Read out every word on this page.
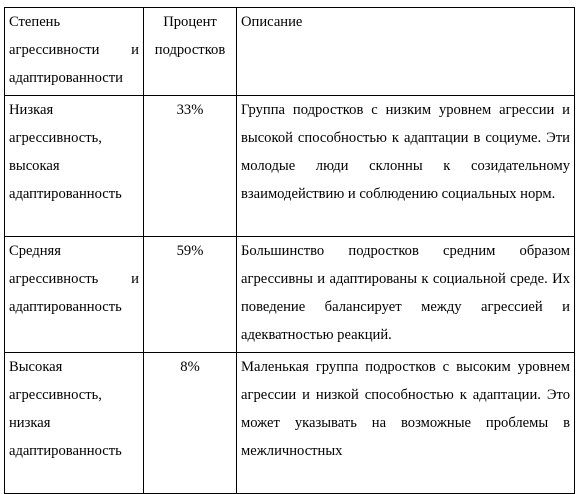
Степень агрессивности и адаптированности	Процент подростков	Описание
Низкая агрессивность, высокая адаптированность	33%	Группа подростков с низким уровнем агрессии и высокой способностью к адаптации в социуме. Эти молодые люди склонны к созидательному взаимодействию и соблюдению социальных норм.
Средняя агрессивность и адаптированность	59%	Большинство подростков средним образом агрессивны и адаптированы к социальной среде. Их поведение балансирует между агрессией и адекватностью реакций.
Высокая агрессивность, низкая адаптированность	8%	Маленькая группа подростков с высоким уровнем агрессии и низкой способностью к адаптации. Это может указывать на возможные проблемы в межличностных
